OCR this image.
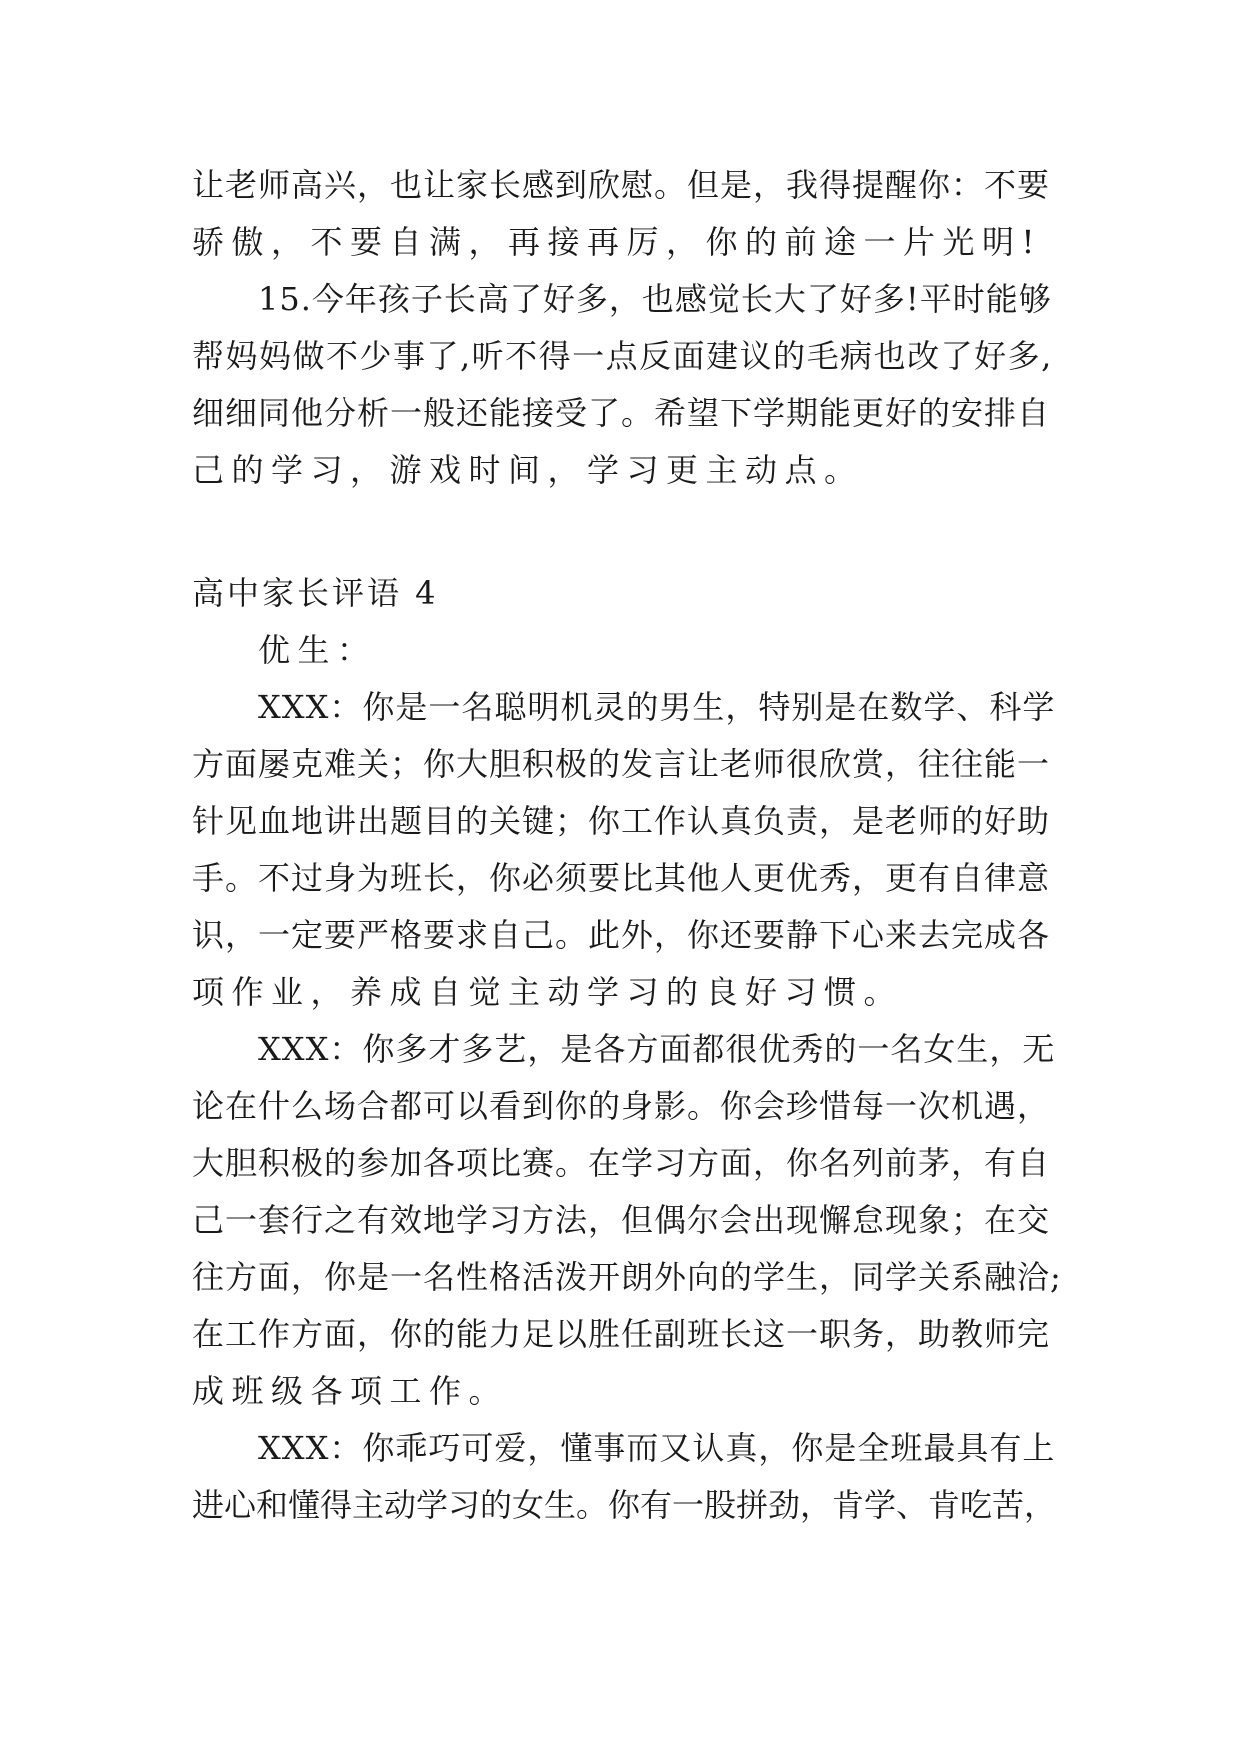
让老师高兴，也让家长感到欣慰。但是，我得提醒你：不要
骄傲，不要自满，再接再厉，你的前途一片光明!
15.今年孩子长高了好多，也感觉长大了好多!平时能够
帮妈妈做不少事了,听不得一点反面建议的毛病也改了好多,
细细同他分析一般还能接受了。希望下学期能更好的安排自
己的学习，游戏时间，学习更主动点。
高中家长评语 4
优生：
XXX：你是一名聪明机灵的男生，特别是在数学、科学
方面屡克难关；你大胆积极的发言让老师很欣赏，往往能一
针见血地讲出题目的关键；你工作认真负责，是老师的好助
手。不过身为班长，你必须要比其他人更优秀，更有自律意
识，一定要严格要求自己。此外，你还要静下心来去完成各
项作业，养成自觉主动学习的良好习惯。
XXX：你多才多艺，是各方面都很优秀的一名女生，无
论在什么场合都可以看到你的身影。你会珍惜每一次机遇，
大胆积极的参加各项比赛。在学习方面，你名列前茅，有自
己一套行之有效地学习方法，但偶尔会出现懈怠现象；在交
往方面，你是一名性格活泼开朗外向的学生，同学关系融洽;
在工作方面，你的能力足以胜任副班长这一职务，助教师完
成班级各项工作。
XXX：你乖巧可爱，懂事而又认真，你是全班最具有上
进心和懂得主动学习的女生。你有一股拼劲，肯学、肯吃苦，
